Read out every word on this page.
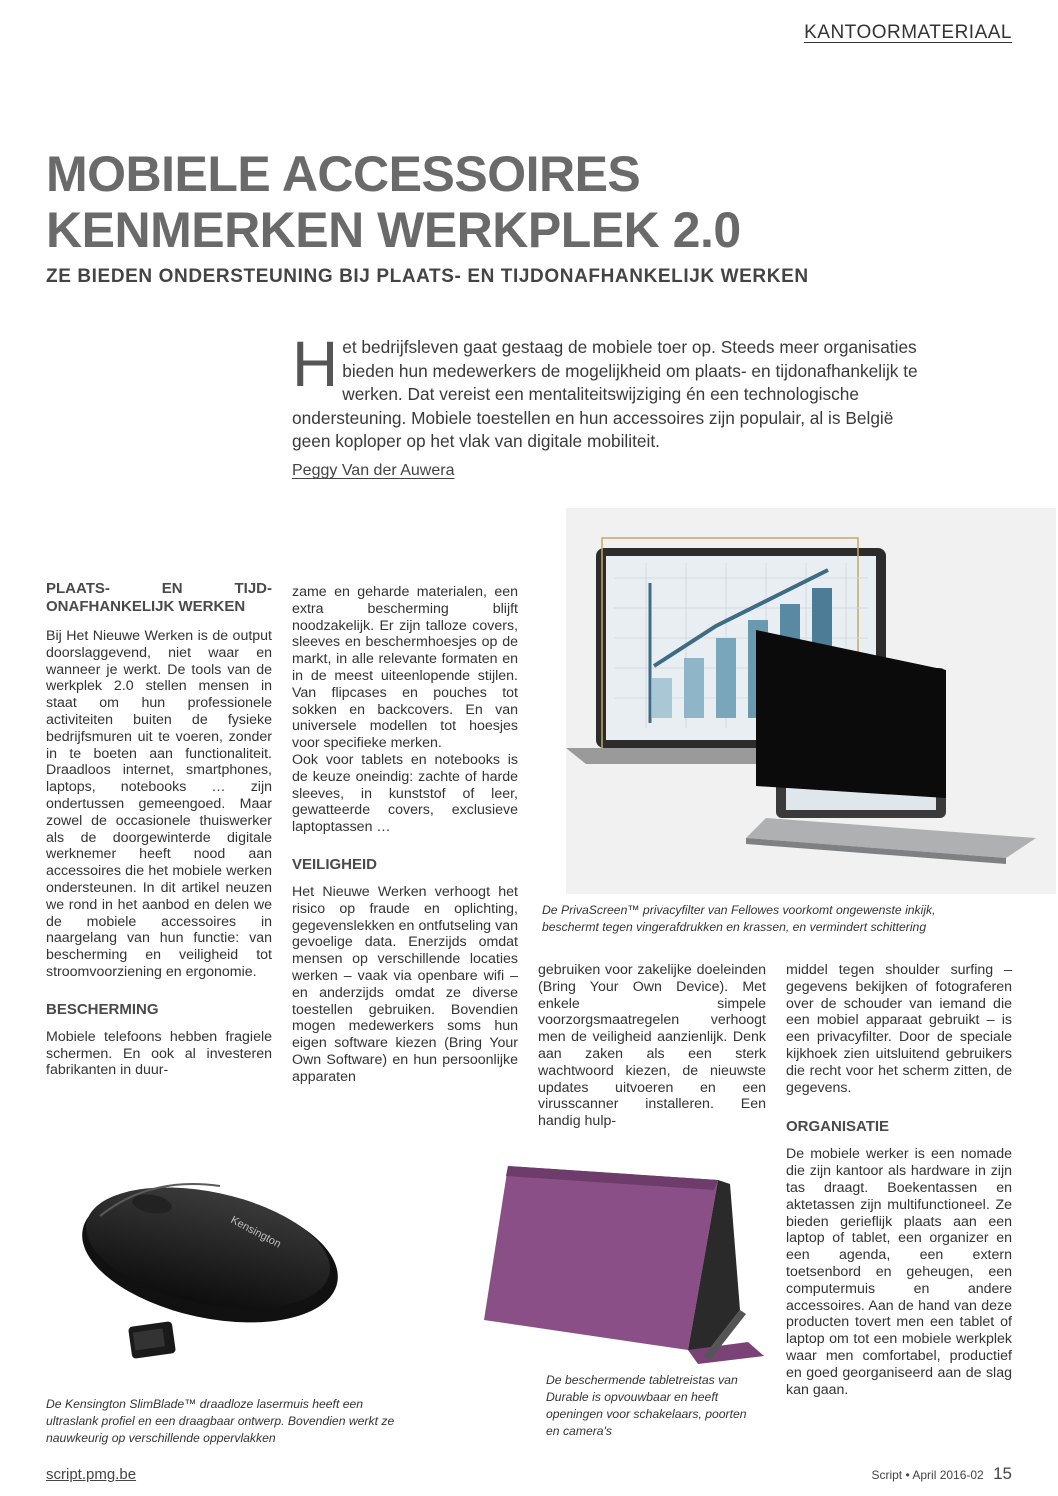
KANTOORMATERIAAL
MOBIELE ACCESSOIRES
KENMERKEN WERKPLEK 2.0
ZE BIEDEN ONDERSTEUNING BIJ PLAATS- EN TIJDONAFHANKELIJK WERKEN

H et bedrijfsleven gaat gestaag de mobiele toer op. Steeds meer organisaties bieden hun medewerkers de mogelijkheid om plaats- en tijdonafhankelijk te werken. Dat vereist een mentaliteitswijziging én een technologische ondersteuning. Mobiele toestellen en hun accessoires zijn populair, al is België geen koploper op het vlak van digitale mobiliteit.

Peggy Van der Auwera

De PrivaScreen™ privacyfilter van Fellowes voorkomt ongewenste inkijk, beschermt tegen vingerafdrukken en krassen, en vermindert schittering

PLAATS- EN TIJD-ONAFHANKELIJK WERKEN

Bij Het Nieuwe Werken is de output doorslaggevend, niet waar en wanneer je werkt. De tools van de werkplek 2.0 stellen mensen in staat om hun professionele activiteiten buiten de fysieke bedrijfsmuren uit te voeren, zonder in te boeten aan functionaliteit. Draadloos internet, smartphones, laptops, notebooks … zijn ondertussen gemeengoed. Maar zowel de occasionele thuiswerker als de doorgewinterde digitale werknemer heeft nood aan accessoires die het mobiele werken ondersteunen. In dit artikel neuzen we rond in het aanbod en delen we de mobiele accessoires in naargelang van hun functie: van bescherming en veiligheid tot stroomvoorziening en ergonomie.

BESCHERMING

Mobiele telefoons hebben fragiele schermen. En ook al investeren fabrikanten in duur-

zame en geharde materialen, een extra bescherming blijft noodzakelijk. Er zijn talloze covers, sleeves en beschermhoesjes op de markt, in alle relevante formaten en in de meest uiteenlopende stijlen. Van flipcases en pouches tot sokken en backcovers. En van universele modellen tot hoesjes voor specifieke merken.

Ook voor tablets en notebooks is de keuze oneindig: zachte of harde sleeves, in kunststof of leer, gewatteerde covers, exclusieve laptoptassen …

VEILIGHEID

Het Nieuwe Werken verhoogt het risico op fraude en oplichting, gegevenslekken en ontfutseling van gevoelige data. Enerzijds omdat mensen op verschillende locaties werken – vaak via openbare wifi – en anderzijds omdat ze diverse toestellen gebruiken. Bovendien mogen medewerkers soms hun eigen software kiezen (Bring Your Own Software) en hun persoonlijke apparaten

gebruiken voor zakelijke doeleinden (Bring Your Own Device). Met enkele simpele voorzorgsmaatregelen verhoogt men de veiligheid aanzienlijk. Denk aan zaken als een sterk wachtwoord kiezen, de nieuwste updates uitvoeren en een virusscanner installeren. Een handig hulp-

middel tegen shoulder surfing – gegevens bekijken of fotograferen over de schouder van iemand die een mobiel apparaat gebruikt – is een privacyfilter. Door de speciale kijkhoek zien uitsluitend gebruikers die recht voor het scherm zitten, de gegevens.

ORGANISATIE

De mobiele werker is een nomade die zijn kantoor als hardware in zijn tas draagt. Boekentassen en aktetassen zijn multifunctioneel. Ze bieden gerieflijk plaats aan een laptop of tablet, een organizer en een agenda, een extern toetsenbord en geheugen, een computermuis en andere accessoires. Aan de hand van deze producten tovert men een tablet of laptop om tot een mobiele werkplek waar men comfortabel, productief en goed georganiseerd aan de slag kan gaan.

Kensington

De Kensington SlimBlade™ draadloze lasermuis heeft een ultraslank profiel en een draagbaar ontwerp. Bovendien werkt ze nauwkeurig op verschillende oppervlakken

De beschermende tabletreistas van Durable is opvouwbaar en heeft openingen voor schakelaars, poorten en camera's

script.pmg.be	Script • April 2016-02 15
